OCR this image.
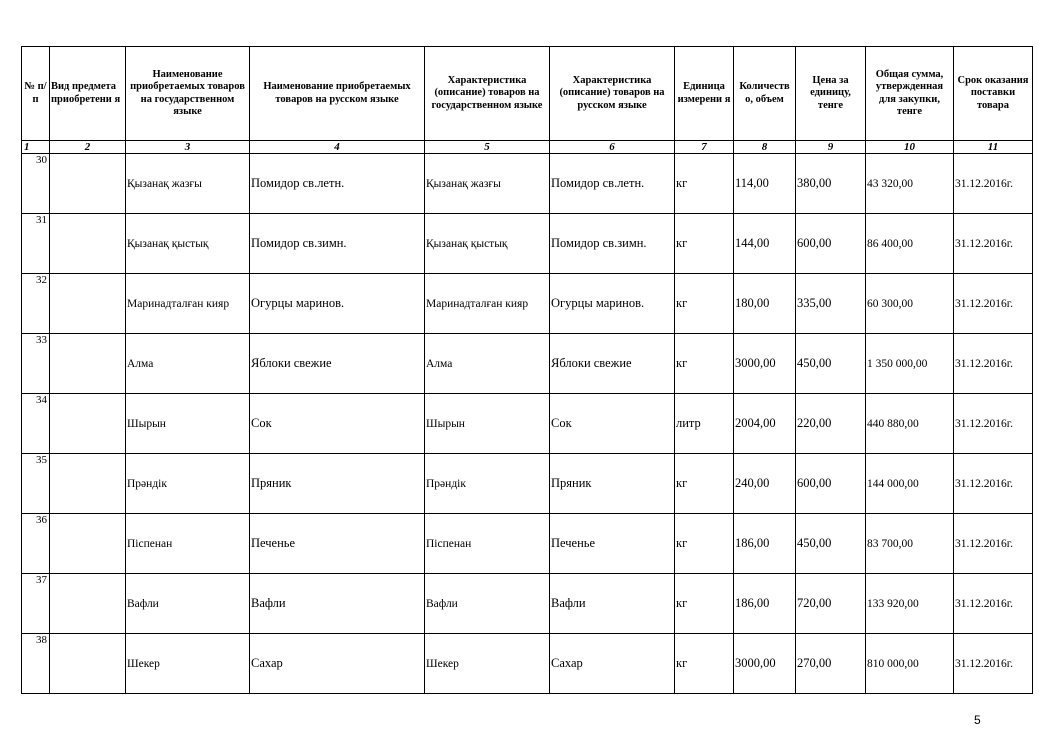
№ п/п	Вид предмета приобретени я	Наименование приобретаемых товаров на государственном языке	Наименование приобретаемых товаров на русском языке	Характеристика (описание) товаров на государственном языке	Характеристика (описание) товаров на русском языке	Единица измерени я	Количеств о, объем	Цена за единицу, тенге	Общая сумма, утвержденная для закупки, тенге	Срок оказания поставки товара
1	2	3	4	5	6	7	8	9	10	11
30		Қызанақ жазғы	Помидор св.летн.	Қызанақ жазғы	Помидор св.летн.	кг	114,00	380,00	43 320,00	31.12.2016г.
31		Қызанақ қыстық	Помидор св.зимн.	Қызанақ қыстық	Помидор св.зимн.	кг	144,00	600,00	86 400,00	31.12.2016г.
32		Маринадталған кияр	Огурцы маринов.	Маринадталған кияр	Огурцы маринов.	кг	180,00	335,00	60 300,00	31.12.2016г.
33		Алма	Яблоки свежие	Алма	Яблоки свежие	кг	3000,00	450,00	1 350 000,00	31.12.2016г.
34		Шырын	Сок	Шырын	Сок	литр	2004,00	220,00	440 880,00	31.12.2016г.
35		Прәндік	Пряник	Прәндік	Пряник	кг	240,00	600,00	144 000,00	31.12.2016г.
36		Піспенан	Печенье	Піспенан	Печенье	кг	186,00	450,00	83 700,00	31.12.2016г.
37		Вафли	Вафли	Вафли	Вафли	кг	186,00	720,00	133 920,00	31.12.2016г.
38		Шекер	Сахар	Шекер	Сахар	кг	3000,00	270,00	810 000,00	31.12.2016г.
5
